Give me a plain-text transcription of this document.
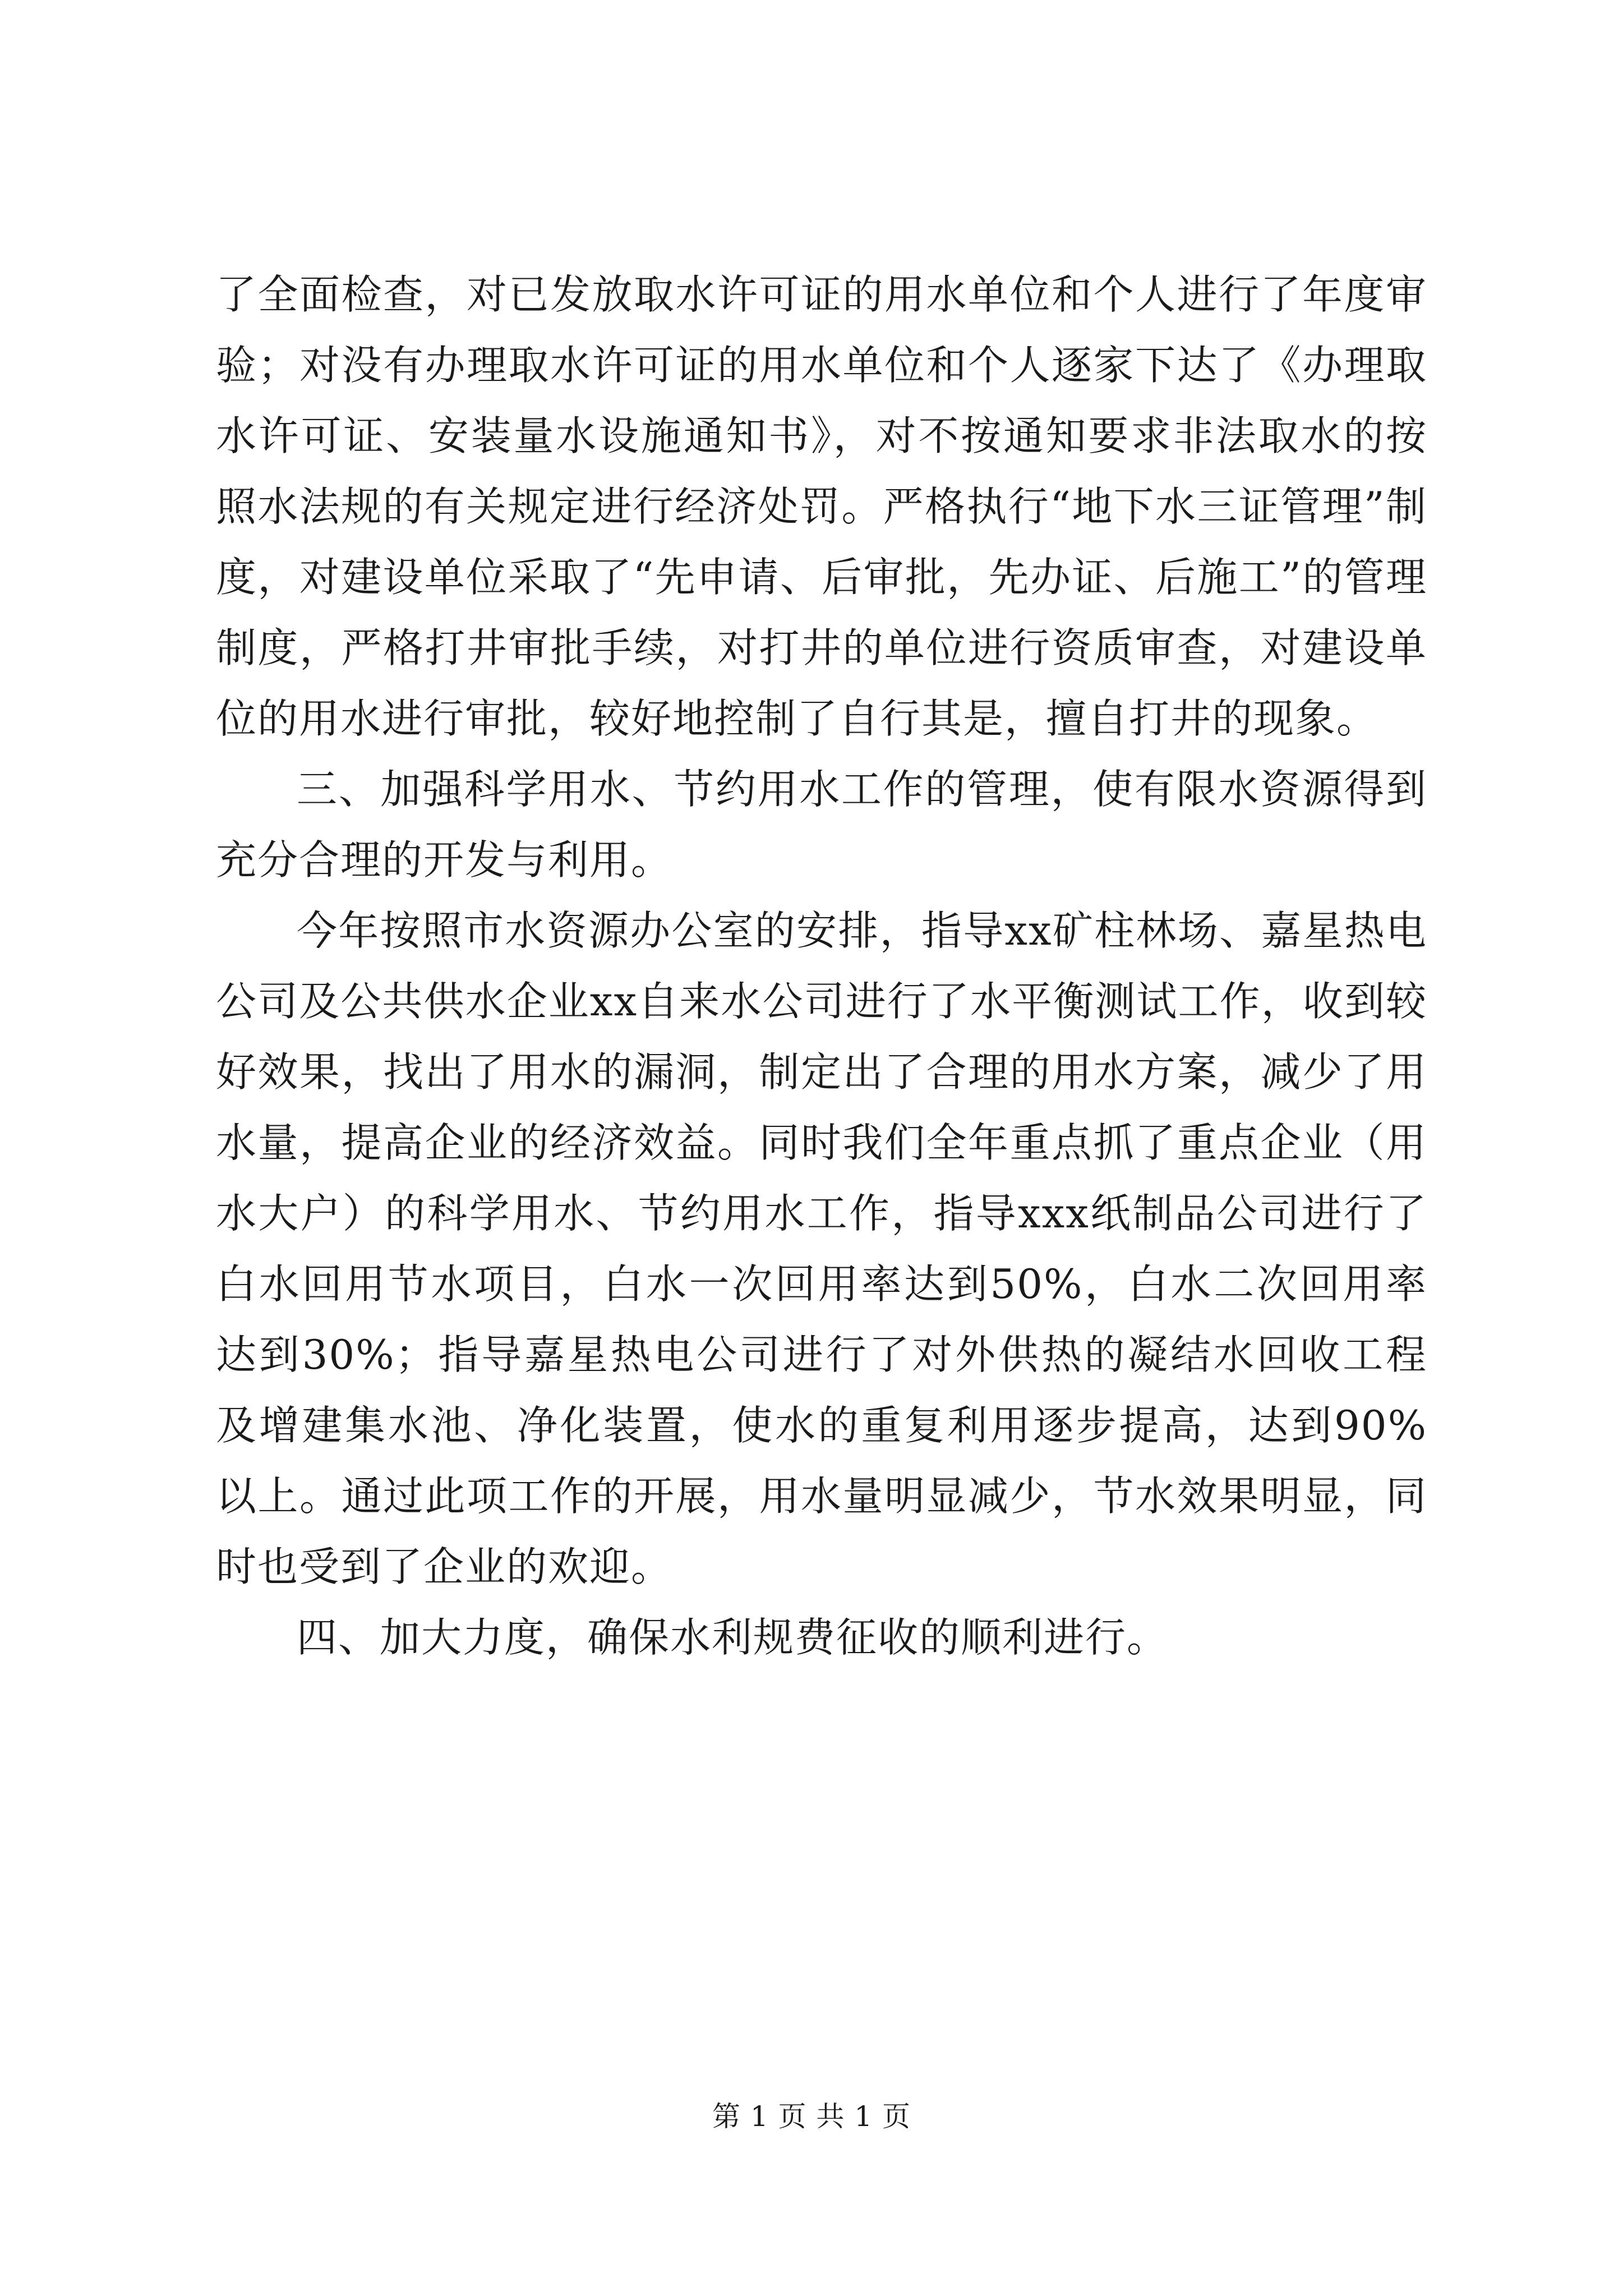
了全面检查，对已发放取水许可证的用水单位和个人进行了年度审验；对没有办理取水许可证的用水单位和个人逐家下达了《办理取水许可证、安装量水设施通知书》，对不按通知要求非法取水的按照水法规的有关规定进行经济处罚。严格执行“地下水三证管理”制度，对建设单位采取了“先申请、后审批，先办证、后施工”的管理制度，严格打井审批手续，对打井的单位进行资质审查，对建设单位的用水进行审批，较好地控制了自行其是，擅自打井的现象。

三、加强科学用水、节约用水工作的管理，使有限水资源得到充分合理的开发与利用。

今年按照市水资源办公室的安排，指导xx矿柱林场、嘉星热电公司及公共供水企业xx自来水公司进行了水平衡测试工作，收到较好效果，找出了用水的漏洞，制定出了合理的用水方案，减少了用水量，提高企业的经济效益。同时我们全年重点抓了重点企业（用水大户）的科学用水、节约用水工作，指导xxx纸制品公司进行了白水回用节水项目，白水一次回用率达到50%，白水二次回用率达到30%；指导嘉星热电公司进行了对外供热的凝结水回收工程及增建集水池、净化装置，使水的重复利用逐步提高，达到90%以上。通过此项工作的开展，用水量明显减少，节水效果明显，同时也受到了企业的欢迎。

四、加大力度，确保水利规费征收的顺利进行。

第 1 页 共 1 页
